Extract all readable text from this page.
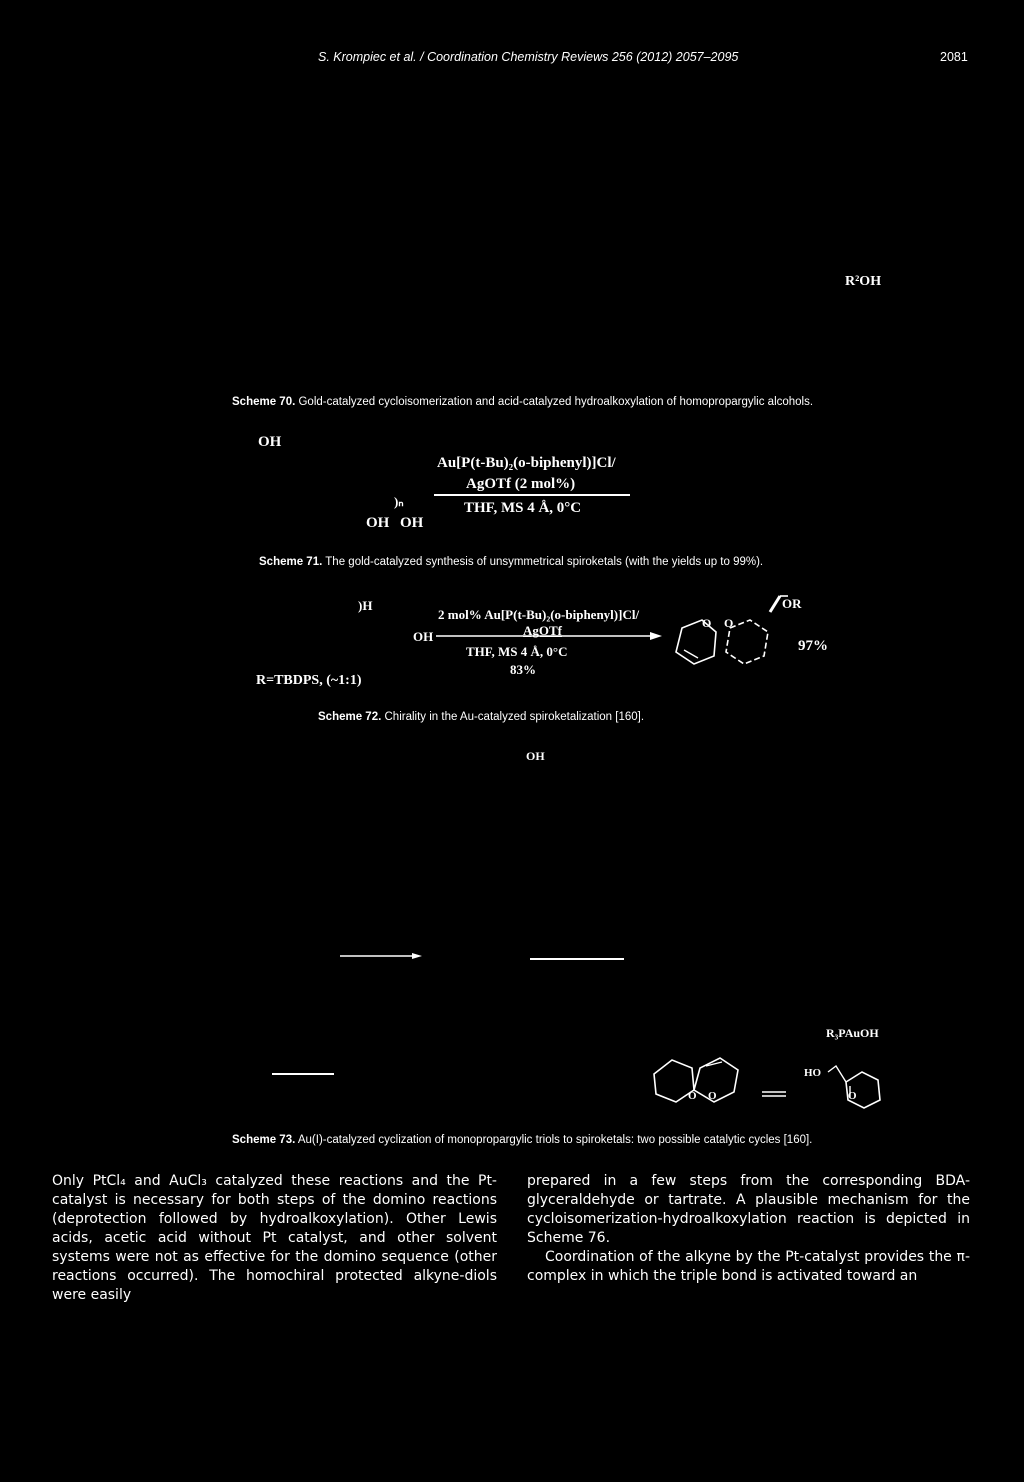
S. Krompiec et al. / Coordination Chemistry Reviews 256 (2012) 2057–2095	2081
R²OH
Scheme 70. Gold-catalyzed cycloisomerization and acid-catalyzed hydroalkoxylation of homopropargylic alcohols.
OH
)ₙ
OH OH
Au[P(t-Bu)₂(o-biphenyl)]Cl/
AgOTf (2 mol%)
THF, MS 4 Å, 0°C
Scheme 71. The gold-catalyzed synthesis of unsymmetrical spiroketals (with the yields up to 99%).
)H
2 mol% Au[P(t-Bu)₂(o-biphenyl)]Cl/
OH	AgOTf
THF, MS 4 Å, 0°C
83%
R=TBDPS, (~1:1)
OR
O O
97%
Scheme 72. Chirality in the Au-catalyzed spiroketalization [160].
OH
R₃PAuOH
HO
O
O O
Scheme 73. Au(I)-catalyzed cyclization of monopropargylic triols to spiroketals: two possible catalytic cycles [160].

Only PtCl₄ and AuCl₃ catalyzed these reactions and the Pt-catalyst is necessary for both steps of the domino reactions (deprotection followed by hydroalkoxylation). Other Lewis acids, acetic acid without Pt catalyst, and other solvent systems were not as effective for the domino sequence (other reactions occurred). The homochiral protected alkyne-diols were easily

prepared in a few steps from the corresponding BDA-glyceraldehyde or tartrate. A plausible mechanism for the cycloisomerization-hydroalkoxylation reaction is depicted in Scheme 76.

Coordination of the alkyne by the Pt-catalyst provides the π-complex in which the triple bond is activated toward an
